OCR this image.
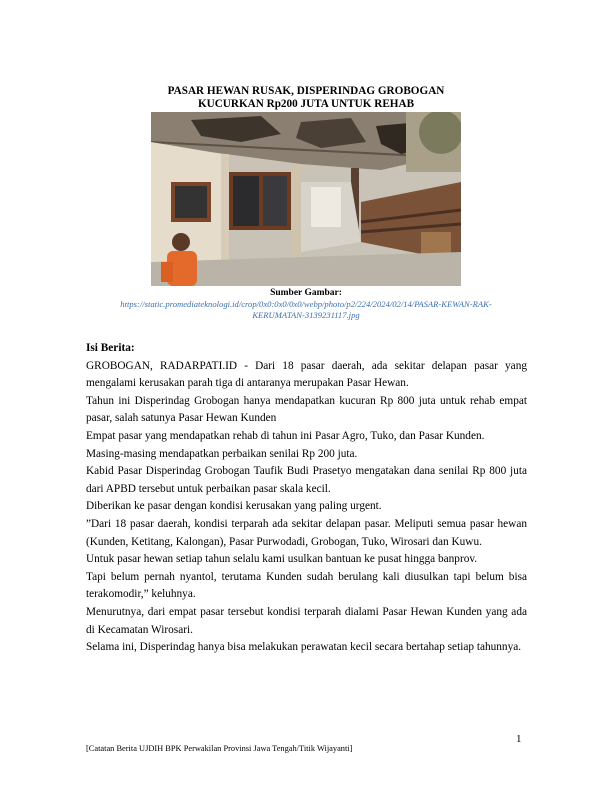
PASAR HEWAN RUSAK, DISPERINDAG GROBOGAN
KUCURKAN Rp200 JUTA UNTUK REHAB
Sumber Gambar:
https://static.promediateknologi.id/crop/0x0:0x0/0x0/webp/photo/p2/224/2024/02/14/PASAR-KEWAN-RAK-
KERUMATAN-3139231117.jpg

Isi Berita:

GROBOGAN, RADARPATI.ID - Dari 18 pasar daerah, ada sekitar delapan pasar yang mengalami kerusakan parah tiga di antaranya merupakan Pasar Hewan.

Tahun ini Disperindag Grobogan hanya mendapatkan kucuran Rp 800 juta untuk rehab empat pasar, salah satunya Pasar Hewan Kunden

Empat pasar yang mendapatkan rehab di tahun ini Pasar Agro, Tuko, dan Pasar Kunden.

Masing-masing mendapatkan perbaikan senilai Rp 200 juta.

Kabid Pasar Disperindag Grobogan Taufik Budi Prasetyo mengatakan dana senilai Rp 800 juta dari APBD tersebut untuk perbaikan pasar skala kecil.

Diberikan ke pasar dengan kondisi kerusakan yang paling urgent.

”Dari 18 pasar daerah, kondisi terparah ada sekitar delapan pasar. Meliputi semua pasar hewan (Kunden, Ketitang, Kalongan), Pasar Purwodadi, Grobogan, Tuko, Wirosari dan Kuwu.

Untuk pasar hewan setiap tahun selalu kami usulkan bantuan ke pusat hingga banprov.

Tapi belum pernah nyantol, terutama Kunden sudah berulang kali diusulkan tapi belum bisa terakomodir,” keluhnya.

Menurutnya, dari empat pasar tersebut kondisi terparah dialami Pasar Hewan Kunden yang ada di Kecamatan Wirosari.

Selama ini, Disperindag hanya bisa melakukan perawatan kecil secara bertahap setiap tahunnya.

1
[Catatan Berita UJDIH BPK Perwakilan Provinsi Jawa Tengah/Titik Wijayanti]
